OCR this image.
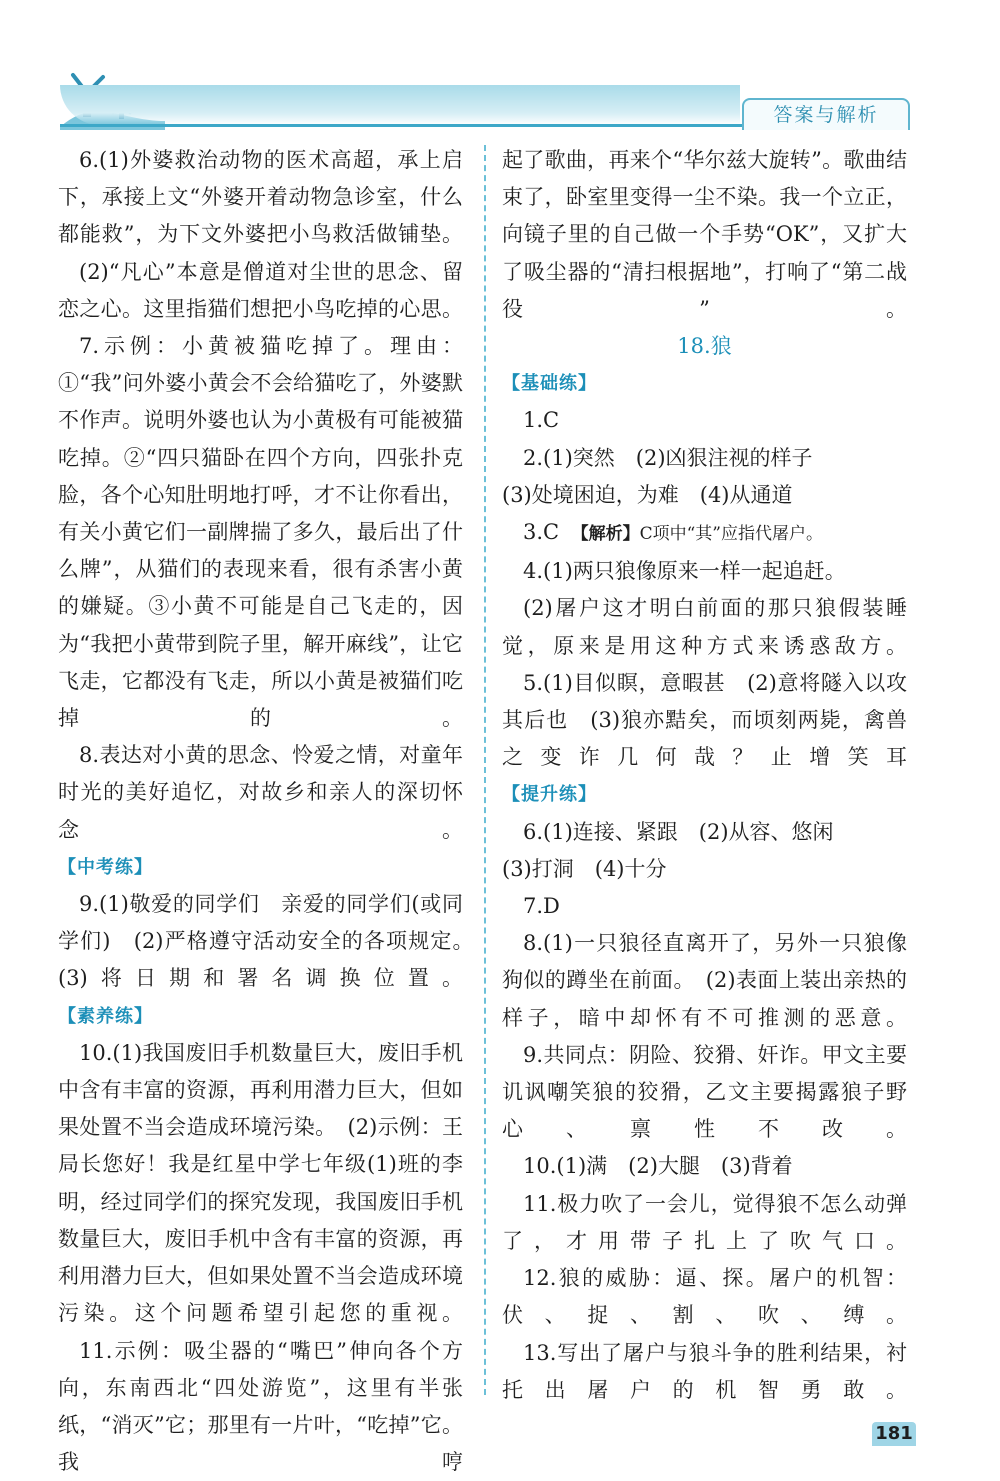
答案与解析

6.(1)外婆救治动物的医术高超，承上启下，承接上文“外婆开着动物急诊室，什么都能救”，为下文外婆把小鸟救活做铺垫。

(2)“凡心”本意是僧道对尘世的思念、留恋之心。这里指猫们想把小鸟吃掉的心思。

7.示例：小黄被猫吃掉了。理由：①“我”问外婆小黄会不会给猫吃了，外婆默不作声。说明外婆也认为小黄极有可能被猫吃掉。②“四只猫卧在四个方向，四张扑克脸，各个心知肚明地打呼，才不让你看出，有关小黄它们一副牌揣了多久，最后出了什么牌”，从猫们的表现来看，很有杀害小黄的嫌疑。③小黄不可能是自己飞走的，因为“我把小黄带到院子里，解开麻线”，让它飞走，它都没有飞走，所以小黄是被猫们吃掉的。

8.表达对小黄的思念、怜爱之情，对童年时光的美好追忆，对故乡和亲人的深切怀念。

【中考练】

9.(1)敬爱的同学们　亲爱的同学们(或同学们)　(2)严格遵守活动安全的各项规定。　(3)将日期和署名调换位置。

【素养练】

10.(1)我国废旧手机数量巨大，废旧手机中含有丰富的资源，再利用潜力巨大，但如果处置不当会造成环境污染。　(2)示例：王局长您好！我是红星中学七年级(1)班的李明，经过同学们的探究发现，我国废旧手机数量巨大，废旧手机中含有丰富的资源，再利用潜力巨大，但如果处置不当会造成环境污染。这个问题希望引起您的重视。

11.示例：吸尘器的“嘴巴”伸向各个方向，东南西北“四处游览”，这里有半张纸，“消灭”它；那里有一片叶，“吃掉”它。我哼

起了歌曲，再来个“华尔兹大旋转”。歌曲结束了，卧室里变得一尘不染。我一个立正，向镜子里的自己做一个手势“OK”，又扩大了吸尘器的“清扫根据地”，打响了“第二战役”。

18.狼

【基础练】

1.C

2.(1)突然　(2)凶狠注视的样子

(3)处境困迫，为难　(4)从通道

3.C　【解析】C项中“其”应指代屠户。

4.(1)两只狼像原来一样一起追赶。

(2)屠户这才明白前面的那只狼假装睡觉，原来是用这种方式来诱惑敌方。

5.(1)目似瞑，意暇甚　(2)意将隧入以攻其后也　(3)狼亦黠矣，而顷刻两毙，禽兽之变诈几何哉？止增笑耳

【提升练】

6.(1)连接、紧跟　(2)从容、悠闲

(3)打洞　(4)十分

7.D

8.(1)一只狼径直离开了，另外一只狼像狗似的蹲坐在前面。　(2)表面上装出亲热的样子，暗中却怀有不可推测的恶意。

9.共同点：阴险、狡猾、奸诈。甲文主要讥讽嘲笑狼的狡猾，乙文主要揭露狼子野心、禀性不改。

10.(1)满　(2)大腿　(3)背着

11.极力吹了一会儿，觉得狼不怎么动弹了，才用带子扎上了吹气口。

12.狼的威胁：逼、探。屠户的机智：伏、捉、割、吹、缚。

13.写出了屠户与狼斗争的胜利结果，衬托出屠户的机智勇敢。

181
